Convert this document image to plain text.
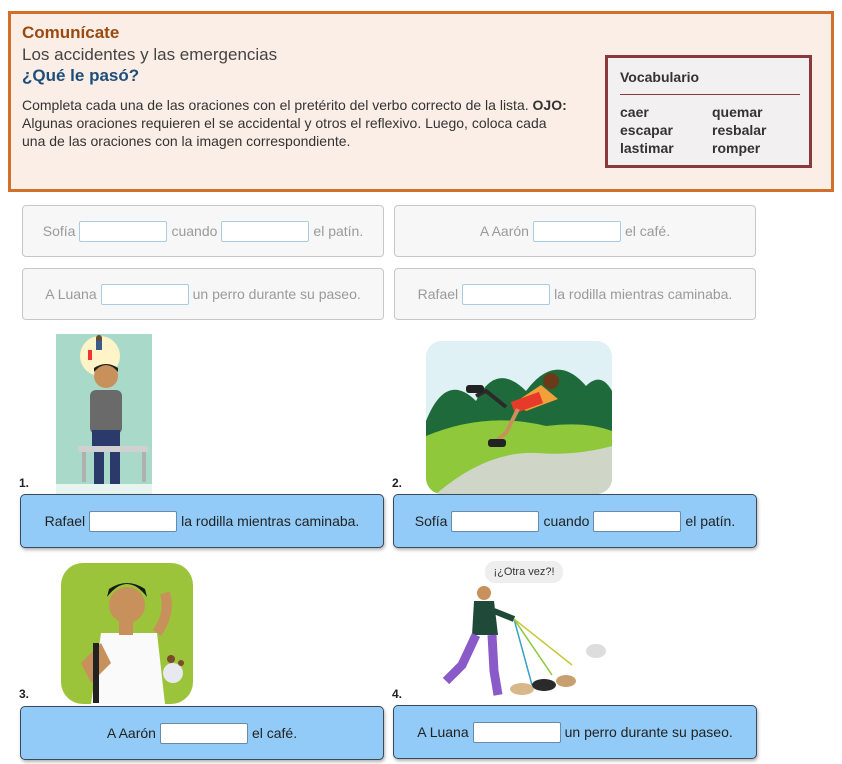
Comunícate
Los accidentes y las emergencias
¿Qué le pasó?
Completa cada una de las oraciones con el pretérito del verbo correcto de la lista. OJO: Algunas oraciones requieren el se accidental y otros el reflexivo. Luego, coloca cada una de las oraciones con la imagen correspondiente.
Vocabulario
caer	quemar
escapar	resbalar
lastimar	romper
Sofía	cuando	el patín.	A Aarón	el café.
A Luana	un perro durante su paseo.	Rafael	la rodilla mientras caminaba.
1.	2.
Rafael	la rodilla mientras caminaba.	Sofía	cuando	el patín.
3.
¡¿Otra vez?!
4.
A Aarón	el café.	A Luana	un perro durante su paseo.
